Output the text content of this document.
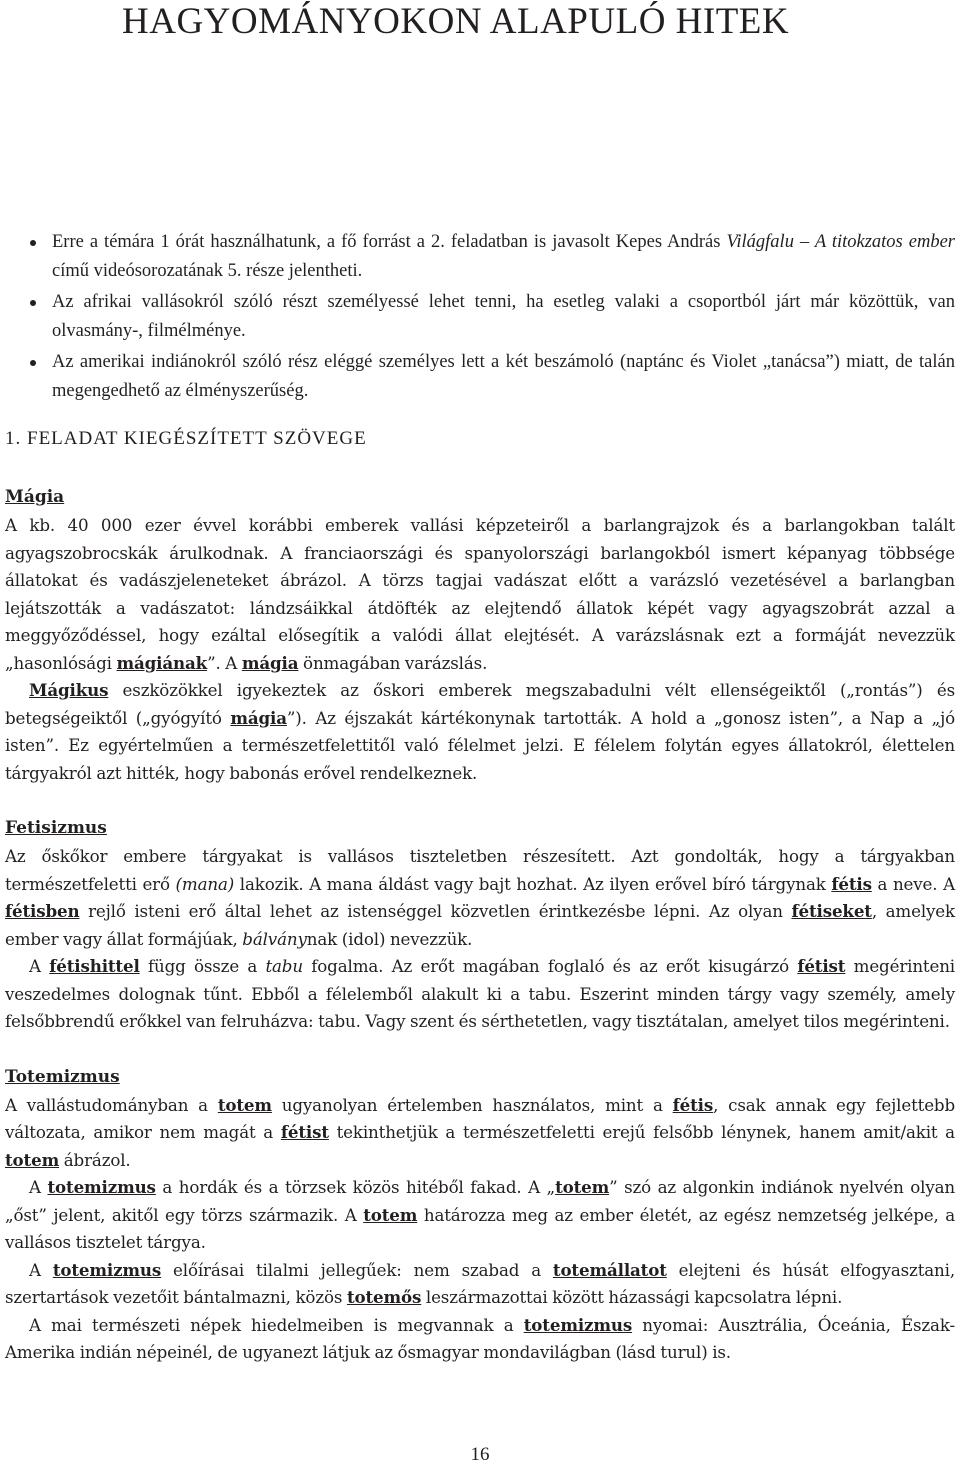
HAGYOMÁNYOKON ALAPULÓ HITEK
Erre a témára 1 órát használhatunk, a fő forrást a 2. feladatban is javasolt Kepes András Világfalu – A titokzatos ember című videósorozatának 5. része jelentheti.
Az afrikai vallásokról szóló részt személyessé lehet tenni, ha esetleg valaki a csoportból járt már közöttük, van olvasmány-, filmélménye.
Az amerikai indiánokról szóló rész eléggé személyes lett a két beszámoló (naptánc és Violet „tanácsa”) miatt, de talán megengedhető az élményszerűség.
1. FELADAT KIEGÉSZÍTETT SZÖVEGE

Mágia

A kb. 40 000 ezer évvel korábbi emberek vallási képzeteiről a barlangrajzok és a barlangokban talált agyagszobrocskák árulkodnak. A franciaországi és spanyolországi barlangokból ismert képanyag többsége állatokat és vadászjeleneteket ábrázol. A törzs tagjai vadászat előtt a varázsló vezetésével a barlangban lejátszották a vadászatot: lándzsáikkal átdöfték az elejtendő állatok képét vagy agyagszobrát azzal a meggyőződéssel, hogy ezáltal elősegítik a valódi állat elejtését. A varázslásnak ezt a formáját nevezzük „hasonlósági mágiának”. A mágia önmagában varázslás.

Mágikus eszközökkel igyekeztek az őskori emberek megszabadulni vélt ellenségeiktől („rontás”) és betegségeiktől („gyógyító mágia”). Az éjszakát kártékonynak tartották. A hold a „gonosz isten”, a Nap a „jó isten”. Ez egyértelműen a természetfelettitől való félelmet jelzi. E félelem folytán egyes állatokról, élettelen tárgyakról azt hitték, hogy babonás erővel rendelkeznek.

Fetisizmus

Az őskőkor embere tárgyakat is vallásos tiszteletben részesített. Azt gondolták, hogy a tárgyakban természetfeletti erő (mana) lakozik. A mana áldást vagy bajt hozhat. Az ilyen erővel bíró tárgynak fétis a neve. A fétisben rejlő isteni erő által lehet az istenséggel közvetlen érintkezésbe lépni. Az olyan fétiseket, amelyek ember vagy állat formájúak, bálványnak (idol) nevezzük.

A fétishittel függ össze a tabu fogalma. Az erőt magában foglaló és az erőt kisugárzó fétist megérinteni veszedelmes dolognak tűnt. Ebből a félelemből alakult ki a tabu. Eszerint minden tárgy vagy személy, amely felsőbbrendű erőkkel van felruházva: tabu. Vagy szent és sérthetetlen, vagy tisztátalan, amelyet tilos megérinteni.

Totemizmus

A vallástudományban a totem ugyanolyan értelemben használatos, mint a fétis, csak annak egy fejlettebb változata, amikor nem magát a fétist tekinthetjük a természetfeletti erejű felsőbb lénynek, hanem amit/akit a totem ábrázol.

A totemizmus a hordák és a törzsek közös hitéből fakad. A „totem” szó az algonkin indiánok nyelvén olyan „őst” jelent, akitől egy törzs származik. A totem határozza meg az ember életét, az egész nemzetség jelképe, a vallásos tisztelet tárgya.

A totemizmus előírásai tilalmi jellegűek: nem szabad a totemállatot elejteni és húsát elfogyasztani, szertartások vezetőit bántalmazni, közös totemős leszármazottai között házassági kapcsolatra lépni.

A mai természeti népek hiedelmeiben is megvannak a totemizmus nyomai: Ausztrália, Óceánia, Észak-Amerika indián népeinél, de ugyanezt látjuk az ősmagyar mondavilágban (lásd turul) is.

16
